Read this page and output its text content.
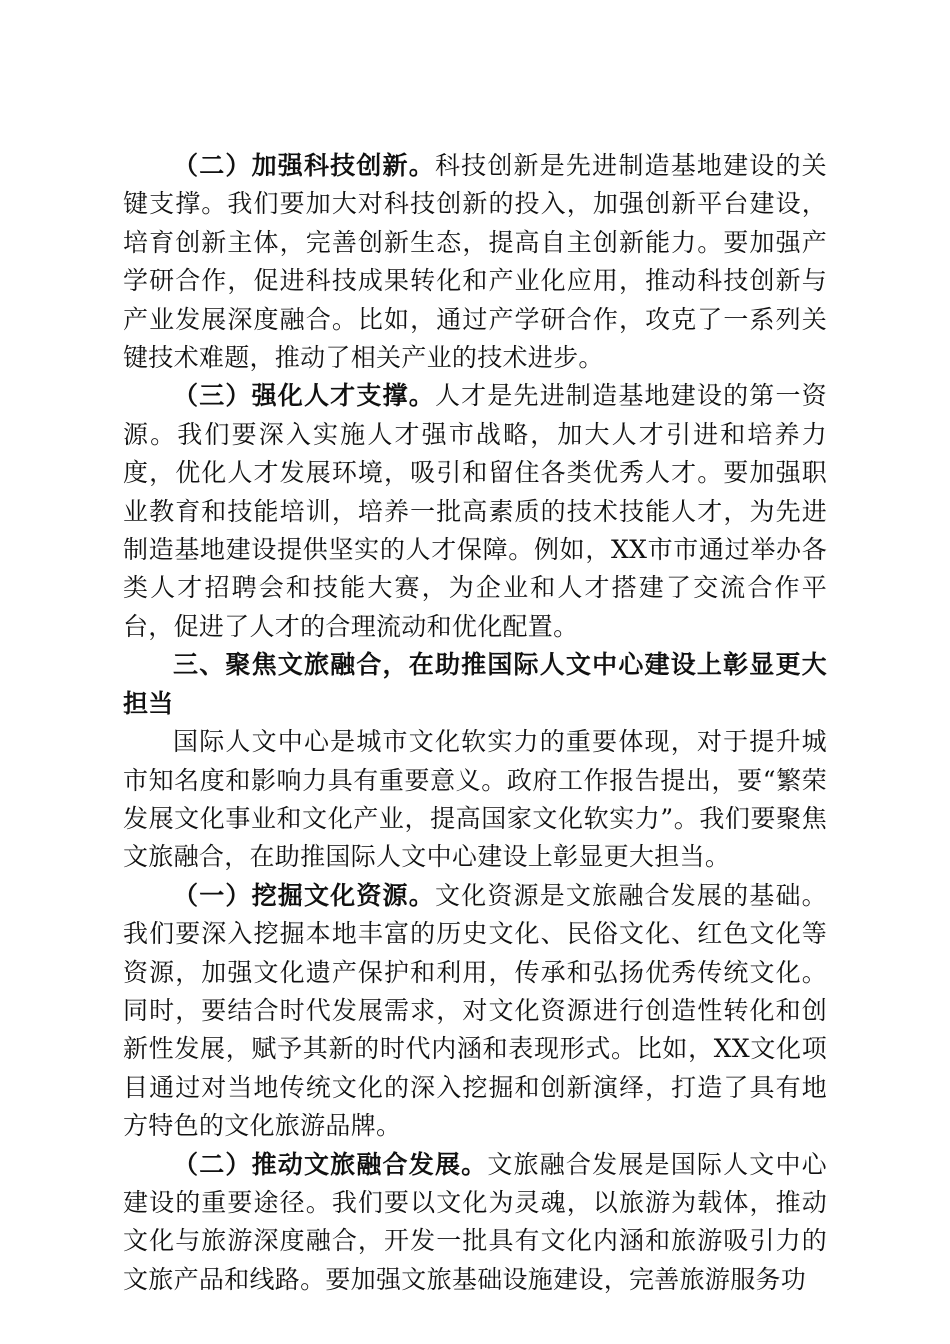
（二）加强科技创新。科技创新是先进制造基地建设的关键支撑。我们要加大对科技创新的投入，加强创新平台建设，培育创新主体，完善创新生态，提高自主创新能力。要加强产学研合作，促进科技成果转化和产业化应用，推动科技创新与产业发展深度融合。比如，通过产学研合作，攻克了一系列关键技术难题，推动了相关产业的技术进步。

（三）强化人才支撑。人才是先进制造基地建设的第一资源。我们要深入实施人才强市战略，加大人才引进和培养力度，优化人才发展环境，吸引和留住各类优秀人才。要加强职业教育和技能培训，培养一批高素质的技术技能人才，为先进制造基地建设提供坚实的人才保障。例如，XX市市通过举办各类人才招聘会和技能大赛，为企业和人才搭建了交流合作平台，促进了人才的合理流动和优化配置。

三、聚焦文旅融合，在助推国际人文中心建设上彰显更大担当

国际人文中心是城市文化软实力的重要体现，对于提升城市知名度和影响力具有重要意义。政府工作报告提出，要“繁荣发展文化事业和文化产业，提高国家文化软实力”。我们要聚焦文旅融合，在助推国际人文中心建设上彰显更大担当。

（一）挖掘文化资源。文化资源是文旅融合发展的基础。我们要深入挖掘本地丰富的历史文化、民俗文化、红色文化等资源，加强文化遗产保护和利用，传承和弘扬优秀传统文化。同时，要结合时代发展需求，对文化资源进行创造性转化和创新性发展，赋予其新的时代内涵和表现形式。比如，XX文化项目通过对当地传统文化的深入挖掘和创新演绎，打造了具有地方特色的文化旅游品牌。

（二）推动文旅融合发展。文旅融合发展是国际人文中心建设的重要途径。我们要以文化为灵魂，以旅游为载体，推动文化与旅游深度融合，开发一批具有文化内涵和旅游吸引力的文旅产品和线路。要加强文旅基础设施建设，完善旅游服务功
